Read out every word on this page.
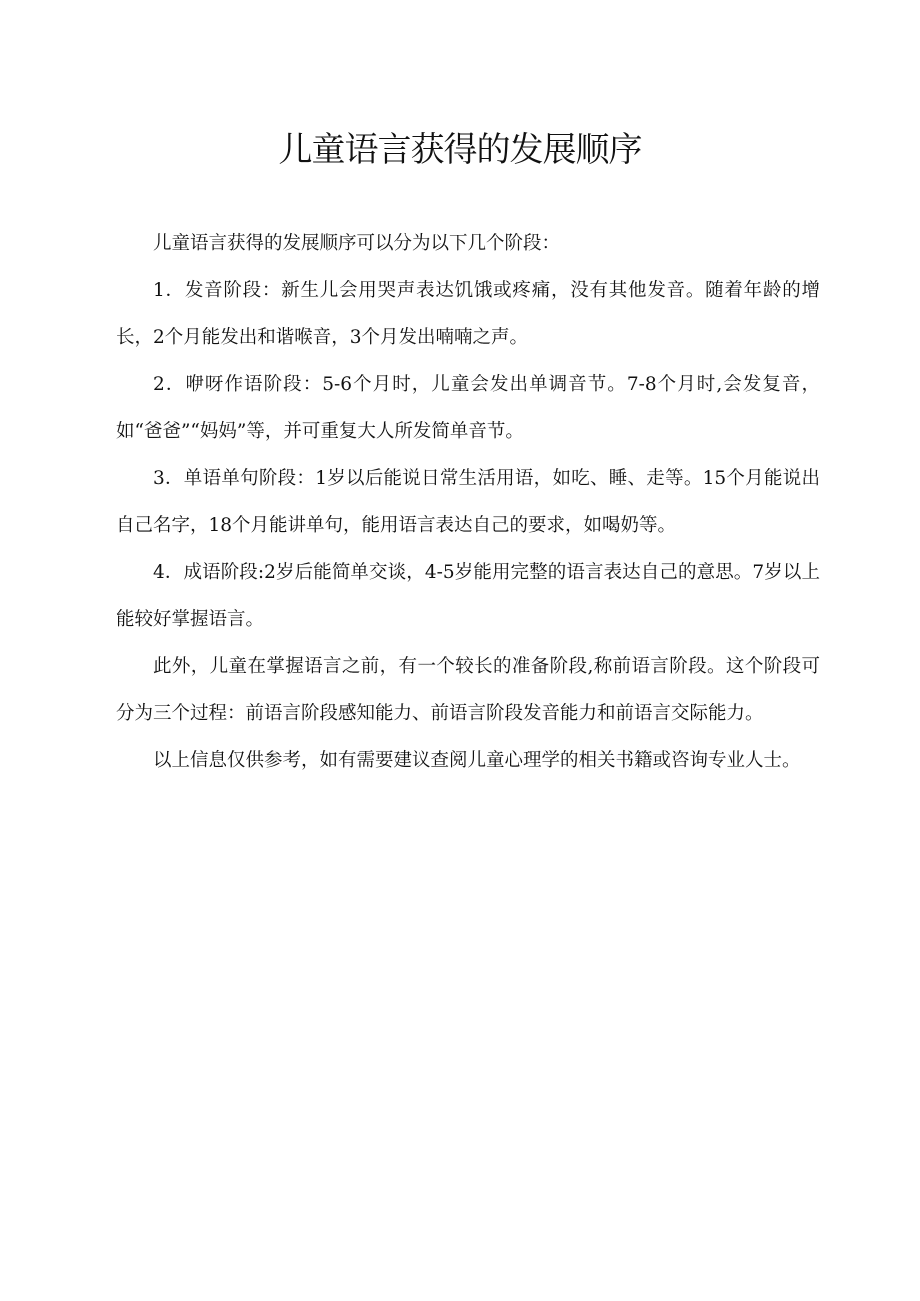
儿童语言获得的发展顺序

儿童语言获得的发展顺序可以分为以下几个阶段：

1．发音阶段：新生儿会用哭声表达饥饿或疼痛，没有其他发音。随着年龄的增长，2个月能发出和谐喉音，3个月发出喃喃之声。

2．咿呀作语阶段：5-6个月时，儿童会发出单调音节。7-8个月时,会发复音，如“爸爸”“妈妈”等，并可重复大人所发简单音节。

3．单语单句阶段：1岁以后能说日常生活用语，如吃、睡、走等。15个月能说出自己名字，18个月能讲单句，能用语言表达自己的要求，如喝奶等。

4．成语阶段:2岁后能简单交谈，4-5岁能用完整的语言表达自己的意思。7岁以上能较好掌握语言。

此外，儿童在掌握语言之前，有一个较长的准备阶段,称前语言阶段。这个阶段可分为三个过程：前语言阶段感知能力、前语言阶段发音能力和前语言交际能力。

以上信息仅供参考，如有需要建议查阅儿童心理学的相关书籍或咨询专业人士。
